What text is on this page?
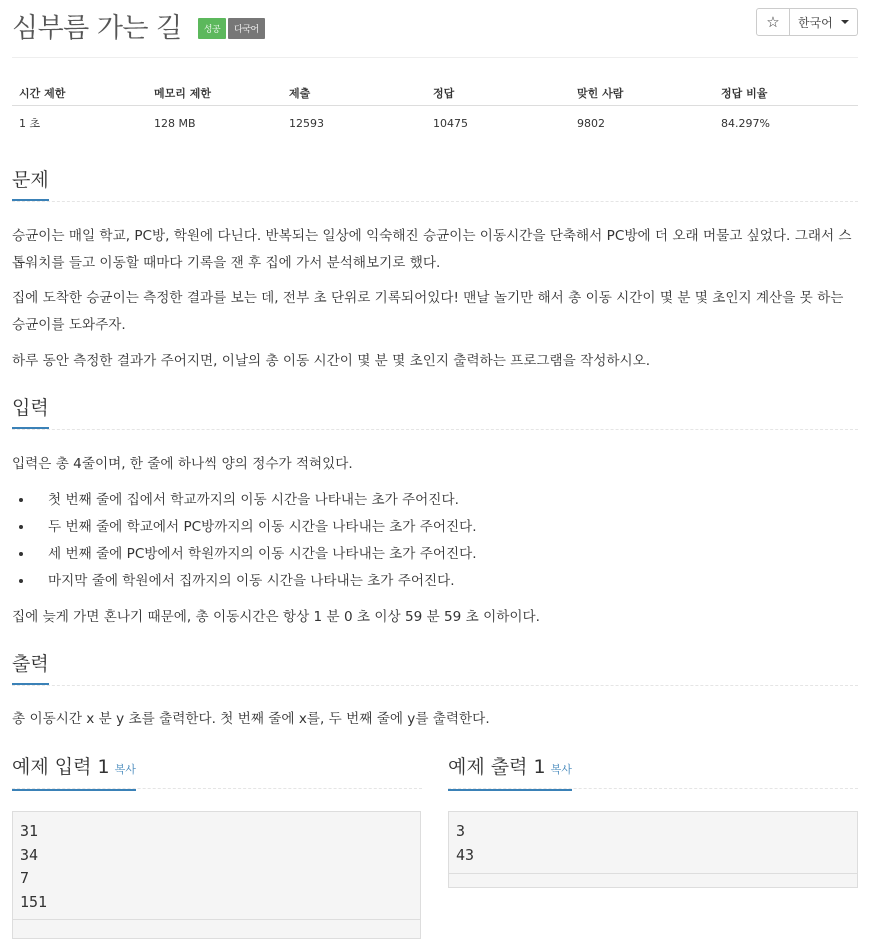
심부름 가는 길 성공 다국어	☆ 한국어
시간 제한	메모리 제한	제출	정답	맞힌 사람	정답 비율
1 초	128 MB	12593	10475	9802	84.297%
문제

승균이는 매일 학교, PC방, 학원에 다닌다. 반복되는 일상에 익숙해진 승균이는 이동시간을 단축해서 PC방에 더 오래 머물고 싶었다. 그래서 스톱워치를 들고 이동할 때마다 기록을 잰 후 집에 가서 분석해보기로 했다.

집에 도착한 승균이는 측정한 결과를 보는 데, 전부 초 단위로 기록되어있다! 맨날 놀기만 해서 총 이동 시간이 몇 분 몇 초인지 계산을 못 하는 승균이를 도와주자.

하루 동안 측정한 결과가 주어지면, 이날의 총 이동 시간이 몇 분 몇 초인지 출력하는 프로그램을 작성하시오.

입력

입력은 총 4줄이며, 한 줄에 하나씩 양의 정수가 적혀있다.

• 첫 번째 줄에 집에서 학교까지의 이동 시간을 나타내는 초가 주어진다.
• 두 번째 줄에 학교에서 PC방까지의 이동 시간을 나타내는 초가 주어진다.
• 세 번째 줄에 PC방에서 학원까지의 이동 시간을 나타내는 초가 주어진다.
• 마지막 줄에 학원에서 집까지의 이동 시간을 나타내는 초가 주어진다.

집에 늦게 가면 혼나기 때문에, 총 이동시간은 항상 1 분 0 초 이상 59 분 59 초 이하이다.

출력

총 이동시간 x 분 y 초를 출력한다. 첫 번째 줄에 x를, 두 번째 줄에 y를 출력한다.

예제 입력 1 복사	예제 출력 1 복사
31
34
7
151
3
43
